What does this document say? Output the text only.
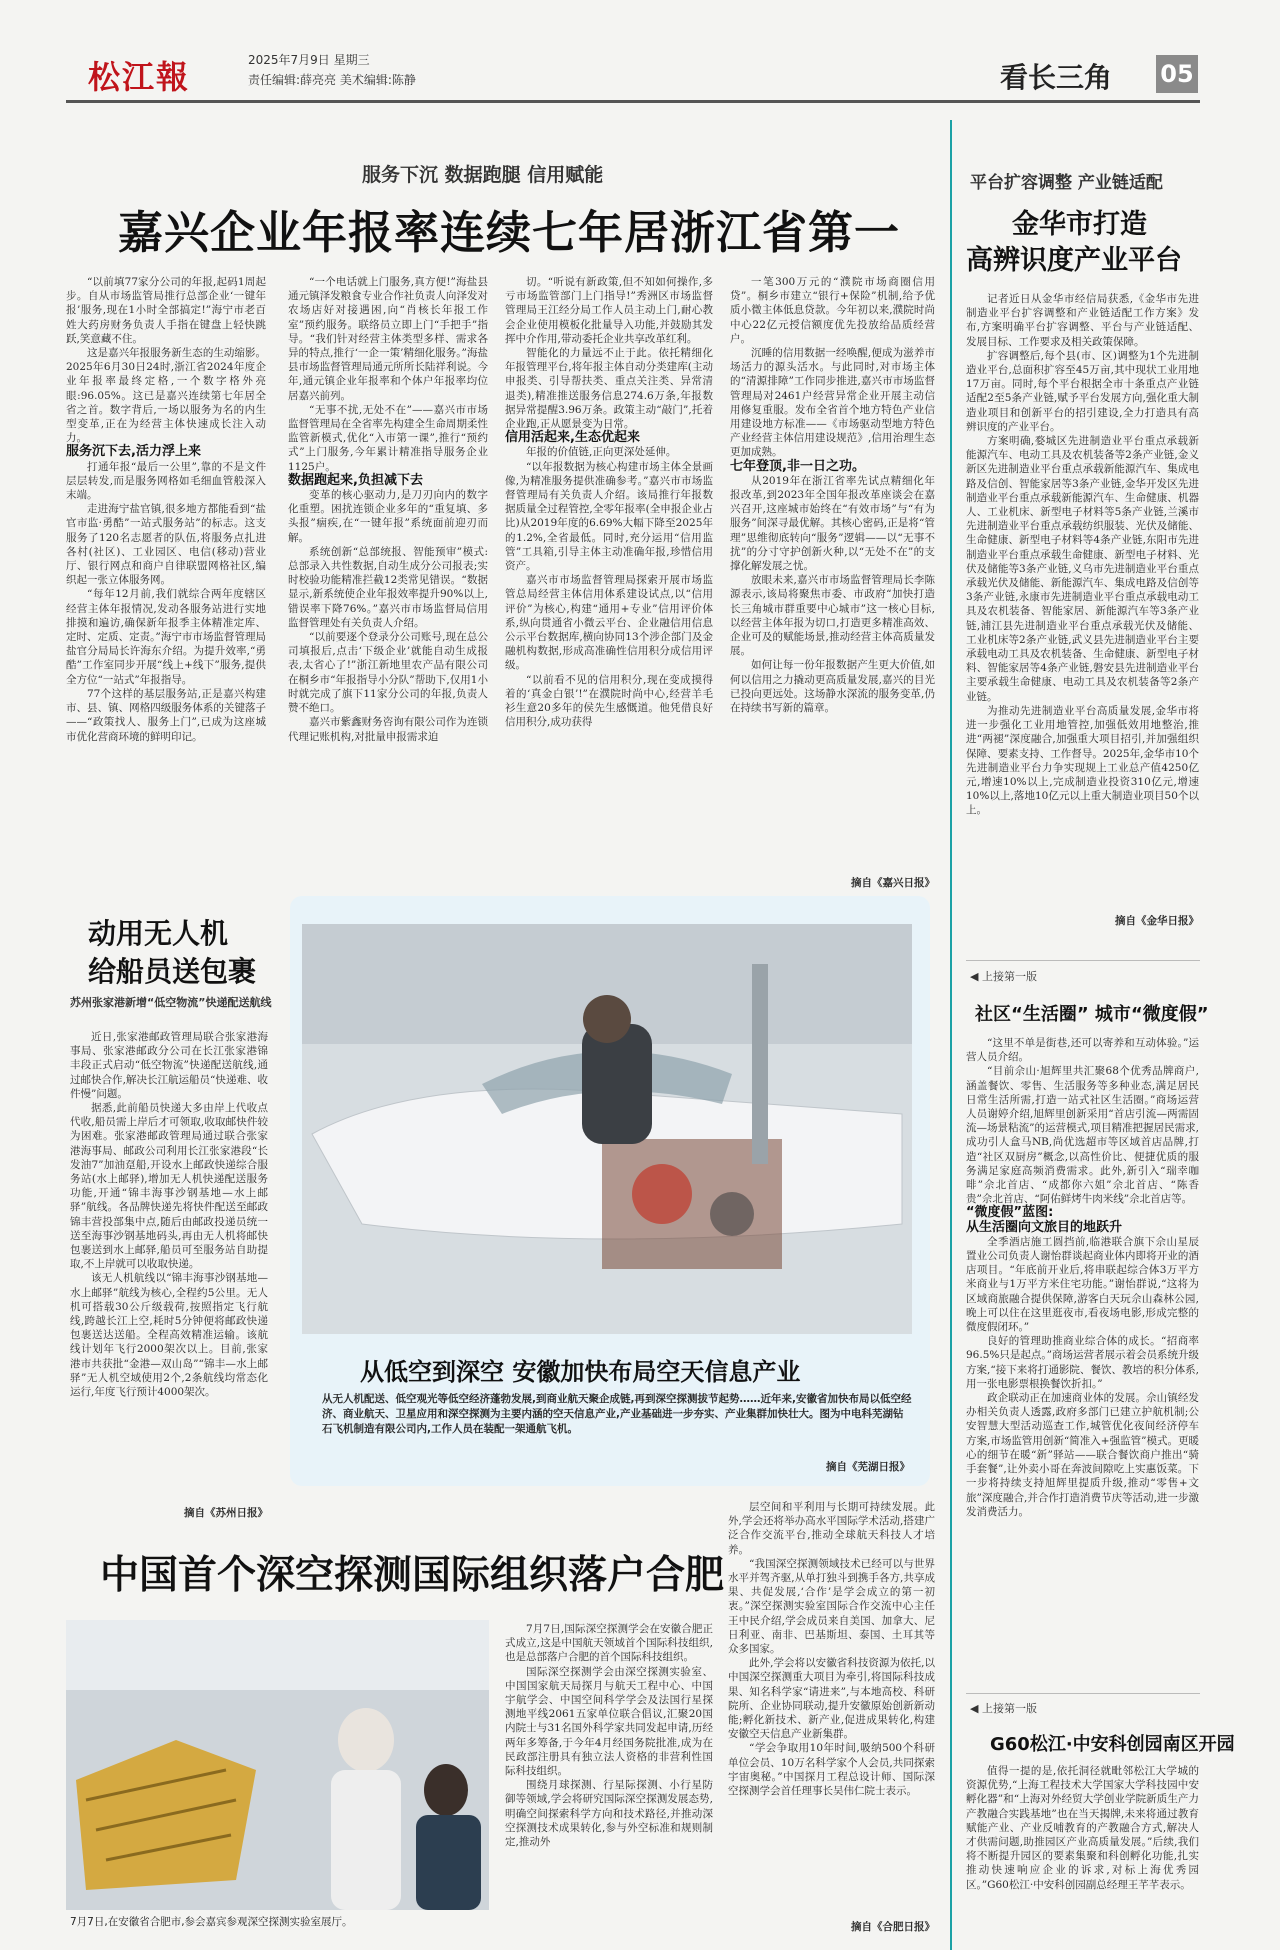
松江報	2025年7月9日 星期三
责任编辑:薛亮亮 美术编辑:陈静	看长三角 05
服务下沉 数据跑腿 信用赋能
嘉兴企业年报率连续七年居浙江省第一

“以前填77家分公司的年报,起码1周起步。自从市场监管局推行总部企业‘一键年报’服务,现在1小时全部搞定!”海宁市老百姓大药房财务负责人手指在键盘上轻快跳跃,笑意藏不住。

这是嘉兴年报服务新生态的生动缩影。2025年6月30日24时,浙江省2024年度企业年报率最终定格,一个数字格外亮眼:96.05%。这已是嘉兴连续第七年居全省之首。数字背后,一场以服务为名的内生型变革,正在为经营主体快速成长注入动力。

服务沉下去,活力浮上来

打通年报“最后一公里”,靠的不是文件层层转发,而是服务网格如毛细血管般深入末端。

走进海宁盐官镇,很多地方都能看到“盐官市监·勇酷”一站式服务站”的标志。这支服务了120名志愿者的队伍,将服务点扎进各村(社区)、工业园区、电信(移动)营业厅、银行网点和商户自律联盟网格社区,编织起一张立体服务网。

“每年12月前,我们就综合两年度辖区经营主体年报情况,发动各服务站进行实地排摸和遍访,确保新年报季主体精准定库、定时、定质、定责。”海宁市市场监督管理局盐官分局局长许海东介绍。为提升效率,“勇酷”工作室同步开展“线上+线下”服务,提供全方位“一站式”年报指导。

77个这样的基层服务站,正是嘉兴构建市、县、镇、网格四级服务体系的关键落子——“政策找人、服务上门”,已成为这座城市优化营商环境的鲜明印记。

“一个电话就上门服务,真方便!”海盐县通元镇泽发粮食专业合作社负责人向泽发对农场店好对接遇困,向“肖核长年报工作室”预约服务。联络员立即上门“手把手”指导。“我们针对经营主体类型多样、需求各异的特点,推行‘一企一策’精细化服务。”海盐县市场监督管理局通元所所长陆祥利说。今年,通元镇企业年报率和个体户年报率均位居嘉兴前列。

“无事不扰,无处不在”——嘉兴市市场监督管理局在全省率先构建全生命周期柔性监管新模式,优化“入市第一课”,推行“预约式”上门服务,今年累计精准指导服务企业1125户。

数据跑起来,负担减下去

变革的核心驱动力,是刀刃向内的数字化重塑。困扰连锁企业多年的“重复填、多头报”痼疾,在“一键年报”系统面前迎刃而解。

系统创新“总部统报、智能预审”模式:总部录入共性数据,自动生成分公司报表;实时校验功能精准拦截12类常见错误。“数据显示,新系统使企业年报效率提升90%以上,错误率下降76%。”嘉兴市市场监督局信用监督管理处有关负责人介绍。

“以前要逐个登录分公司账号,现在总公司填报后,点击‘下级企业’就能自动生成报表,太省心了!”浙江新地里农产品有限公司在桐乡市“年报指导小分队”帮助下,仅用1小时就完成了旗下11家分公司的年报,负责人赞不绝口。

嘉兴市紫鑫财务咨询有限公司作为连锁代理记账机构,对批量申报需求迫

切。“听说有新政策,但不知如何操作,多亏市场监管部门上门指导!”秀洲区市场监督管理局王江经分局工作人员主动上门,耐心教会企业使用模板化批量导入功能,并鼓励其发挥中介作用,带动委托企业共享改革红利。

智能化的力量远不止于此。依托精细化年报管理平台,将年报主体自动分类建库(主动申报类、引导帮扶类、重点关注类、异常清退类),精准推送服务信息274.6万条,年报数据异常提醒3.96万条。政策主动“敲门”,托着企业跑,正从愿景变为日常。

信用活起来,生态优起来

年报的价值链,正向更深处延伸。

“以年报数据为核心构建市场主体全景画像,为精准服务提供准确参考。”嘉兴市市场监督管理局有关负责人介绍。该局推行年报数据质量全过程管控,全零年报率(全申报企业占比)从2019年度的6.69%大幅下降至2025年的1.2%,全省最低。同时,充分运用“信用监管”工具箱,引导主体主动准确年报,珍惜信用资产。

嘉兴市市场监督管理局探索开展市场监管总局经营主体信用体系建设试点,以“信用评价”为核心,构建“通用+专业”信用评价体系,纵向贯通省小微云平台、企业融信用信息公示平台数据库,横向协同13个涉企部门及金融机构数据,形成高准确性信用积分成信用评级。

“以前看不见的信用积分,现在变成摸得着的‘真金白银’!”在濮院时尚中心,经营羊毛衫生意20多年的侯先生感慨道。他凭借良好信用积分,成功获得

一笔300万元的“濮院市场商圈信用贷”。桐乡市建立“银行+保险”机制,给予优质小微主体低息贷款。今年初以来,濮院时尚中心22亿元授信额度优先投放给品质经营户。

沉睡的信用数据一经唤醒,便成为滋养市场活力的源头活水。与此同时,对市场主体的“清源排障”工作同步推进,嘉兴市市场监督管理局对2461户经营异常企业开展主动信用修复重服。发布全省首个地方特色产业信用建设地方标准——《市场驱动型地方特色产业经营主体信用建设规范》,信用治理生态更加成熟。

七年登顶,非一日之功。

从2019年在浙江省率先试点精细化年报改革,到2023年全国年报改革座谈会在嘉兴召开,这座城市始终在“有效市场”与“有为服务”间深寻最优解。其核心密码,正是将“管理”思维彻底转向“服务”逻辑——以“无事不扰”的分寸守护创新火种,以“无处不在”的支撑化解发展之忧。

放眼未来,嘉兴市市场监督管理局长李陈源表示,该局将聚焦市委、市政府“加快打造长三角城市群重要中心城市”这一核心目标,以经营主体年报为切口,打造更多精准高效、企业可及的赋能场景,推动经营主体高质量发展。

如何让每一份年报数据产生更大价值,如何以信用之力撬动更高质量发展,嘉兴的目光已投向更远处。这场静水深流的服务变革,仍在持续书写新的篇章。

摘自《嘉兴日报》
平台扩容调整 产业链适配
金华市打造
高辨识度产业平台

记者近日从金华市经信局获悉,《金华市先进制造业平台扩容调整和产业链适配工作方案》发布,方案明确平台扩容调整、平台与产业链适配、发展目标、工作要求及相关政策保障。

扩容调整后,每个县(市、区)调整为1个先进制造业平台,总面积扩容至45万亩,其中现状工业用地17万亩。同时,每个平台根据全市十条重点产业链适配2至5条产业链,赋予平台发展方向,强化重大制造业项目和创新平台的招引建设,全力打造具有高辨识度的产业平台。

方案明确,婺城区先进制造业平台重点承载新能源汽车、电动工具及农机装备等2条产业链,金义新区先进制造业平台重点承载新能源汽车、集成电路及信创、智能家居等3条产业链,金华开发区先进制造业平台重点承载新能源汽车、生命健康、机器人、工业机床、新型电子材料等5条产业链,兰溪市先进制造业平台重点承载纺织服装、光伏及储能、生命健康、新型电子材料等4条产业链,东阳市先进制造业平台重点承载生命健康、新型电子材料、光伏及储能等3条产业链,义乌市先进制造业平台重点承载光伏及储能、新能源汽车、集成电路及信创等3条产业链,永康市先进制造业平台重点承载电动工具及农机装备、智能家居、新能源汽车等3条产业链,浦江县先进制造业平台重点承载光伏及储能、工业机床等2条产业链,武义县先进制造业平台主要承载电动工具及农机装备、生命健康、新型电子材料、智能家居等4条产业链,磐安县先进制造业平台主要承载生命健康、电动工具及农机装备等2条产业链。

为推动先进制造业平台高质量发展,金华市将进一步强化工业用地管控,加强低效用地整治,推进“两褪”深度融合,加强重大项目招引,并加强组织保障、要素支持、工作督导。2025年,金华市10个先进制造业平台力争实现规上工业总产值4250亿元,增速10%以上,完成制造业投资310亿元,增速10%以上,落地10亿元以上重大制造业项目50个以上。

摘自《金华日报》
◀ 上接第一版
社区“生活圈” 城市“微度假”

“这里不单是街巷,还可以寄养和互动体验。”运营人员介绍。

“目前佘山·旭辉里共汇聚68个优秀品牌商户,涵盖餐饮、零售、生活服务等多种业态,满足居民日常生活所需,打造一站式社区生活圈。”商场运营人员谢婷介绍,旭辉里创新采用“首店引流—两需固流—场景粘流”的运营模式,项目精准把握居民需求,成功引人盒马NB,尚优选超市等区域首店品牌,打造“社区双厨房”概念,以高性价比、便捷优质的服务满足家庭高频消费需求。此外,新引入“瑞幸咖啡”佘北首店、“成都你六姐”佘北首店、“陈香贵”佘北首店、“阿佑鲜烤牛肉米线”佘北首店等。

“微度假”蓝图:

从生活圈向文旅目的地跃升

全季酒店施工圆挡前,临港联合旗下佘山星辰置业公司负责人谢怡群谈起商业体内即将开业的酒店项目。“年底前开业后,将串联起综合体3万平方米商业与1万平方米住宅功能。”谢怡群说,“这将为区域商旅融合提供保障,游客白天玩佘山森林公园,晚上可以住在这里逛夜市,看夜场电影,形成完整的微度假闭环。”

良好的管理助推商业综合体的成长。“招商率96.5%只是起点。”商场运营者展示着会员系统升级方案,“接下来将打通影院、餐饮、教培的积分体系,用一张电影票根换餐饮折扣。”

政企联动正在加速商业体的发展。佘山镇经发办相关负责人透露,政府多部门已建立护航机制;公安智慧大型活动巡查工作,城管优化夜间经济停车方案,市场监管用创新“简准入+强监管”模式。更暖心的细节在暖“新”驿站——联合餐饮商户推出“骑手套餐”,让外卖小哥在奔波间隙吃上实惠饭菜。下一步将持续支持旭辉里提质升级,推动“零售+文旅”深度融合,并合作打造消费节庆等活动,进一步激发消费活力。

◀ 上接第一版
G60松江·中安科创园南区开园

值得一提的是,依托洞径就毗邻松江大学城的资源优势,“上海工程技术大学国家大学科技园中安孵化器”和“上海对外经贸大学创业学院新质生产力产教融合实践基地”也在当天揭牌,未来将通过教育赋能产业、产业反哺教育的产教融合方式,解决人才供需问题,助推园区产业高质量发展。”后续,我们将不断提升园区的要素集聚和科创孵化功能,扎实推动快速响应企业的诉求,对标上海优秀园区。”G60松江·中安科创园副总经理王芊芊表示。

动用无人机
给船员送包裹
苏州张家港新增“低空物流”快递配送航线

近日,张家港邮政管理局联合张家港海事局、张家港邮政分公司在长江张家港锦丰段正式启动“低空物流”快递配送航线,通过邮快合作,解决长江航运船员“快递难、收件慢”问题。

据悉,此前船员快递大多由岸上代收点代收,船员需上岸后才可领取,收取邮快件较为困难。张家港邮政管理局通过联合张家港海事局、邮政公司利用长江张家港段“长发油7”加油趸船,开设水上邮政快递综合服务站(水上邮驿),增加无人机快递配送服务功能,开通“锦丰海事沙钢基地—水上邮驿”航线。各品牌快递先将快件配送至邮政锦丰营投部集中点,随后由邮政投递员统一送至海事沙钢基地码头,再由无人机将邮快包裹送到水上邮驿,船员可至服务站自助提取,不上岸就可以收取快递。

该无人机航线以“锦丰海事沙钢基地—水上邮驿”航线为核心,全程约5公里。无人机可搭载30公斤级载荷,按照指定飞行航线,跨越长江上空,耗时5分钟便将邮政快递包裹送达送船。全程高效精准运输。该航线计划年飞行2000架次以上。目前,张家港市共获批“金港—双山岛”“锦丰—水上邮驿”无人机空域使用2个,2条航线均常态化运行,年度飞行预计4000架次。

摘自《苏州日报》
从低空到深空 安徽加快布局空天信息产业
从无人机配送、低空观光等低空经济蓬勃发展,到商业航天聚企成链,再到深空探测拔节起势……近年来,安徽省加快布局以低空经济、商业航天、卫星应用和深空探测为主要内涵的空天信息产业,产业基础进一步夯实、产业集群加快壮大。图为中电科芜湖钻石飞机制造有限公司内,工作人员在装配一架通航飞机。
摘自《芜湖日报》
中国首个深空探测国际组织落户合肥
7月7日,在安徽省合肥市,参会嘉宾参观深空探测实验室展厅。

7月7日,国际深空探测学会在安徽合肥正式成立,这是中国航天领域首个国际科技组织,也是总部落户合肥的首个国际科技组织。

国际深空探测学会由深空探测实验室、中国国家航天局探月与航天工程中心、中国宇航学会、中国空间科学学会及法国行星探测地平线2061五家单位联合倡议,汇聚20国内院士与31名国外科学家共同发起申请,历经两年多筹备,于今年4月经国务院批准,成为在民政部注册具有独立法人资格的非营利性国际科技组织。

围绕月球探测、行星际探测、小行星防御等领域,学会将研究国际深空探测发展态势,明确空间探索科学方向和技术路径,并推动深空探测技术成果转化,参与外空标准和规则制定,推动外

层空间和平利用与长期可持续发展。此外,学会还将举办高水平国际学术活动,搭建广泛合作交流平台,推动全球航天科技人才培养。

“我国深空探测领域技术已经可以与世界水平并驾齐驱,从单打独斗到携手各方,共享成果、共促发展,‘合作’是学会成立的第一初衷。”深空探测实验室国际合作交流中心主任王中民介绍,学会成员来自美国、加拿大、尼日利亚、南非、巴基斯坦、泰国、土耳其等众多国家。

此外,学会将以安徽省科技资源为依托,以中国深空探测重大项目为牵引,将国际科技成果、知名科学家“请进来”,与本地高校、科研院所、企业协同联动,提升安徽原始创新新动能;孵化新技术、新产业,促进成果转化,构建安徽空天信息产业新集群。

“学会争取用10年时间,吸纳500个科研单位会员、10万名科学家个人会员,共同探索宇宙奥秘。”中国探月工程总设计师、国际深空探测学会首任理事长吴伟仁院士表示。

摘自《合肥日报》
